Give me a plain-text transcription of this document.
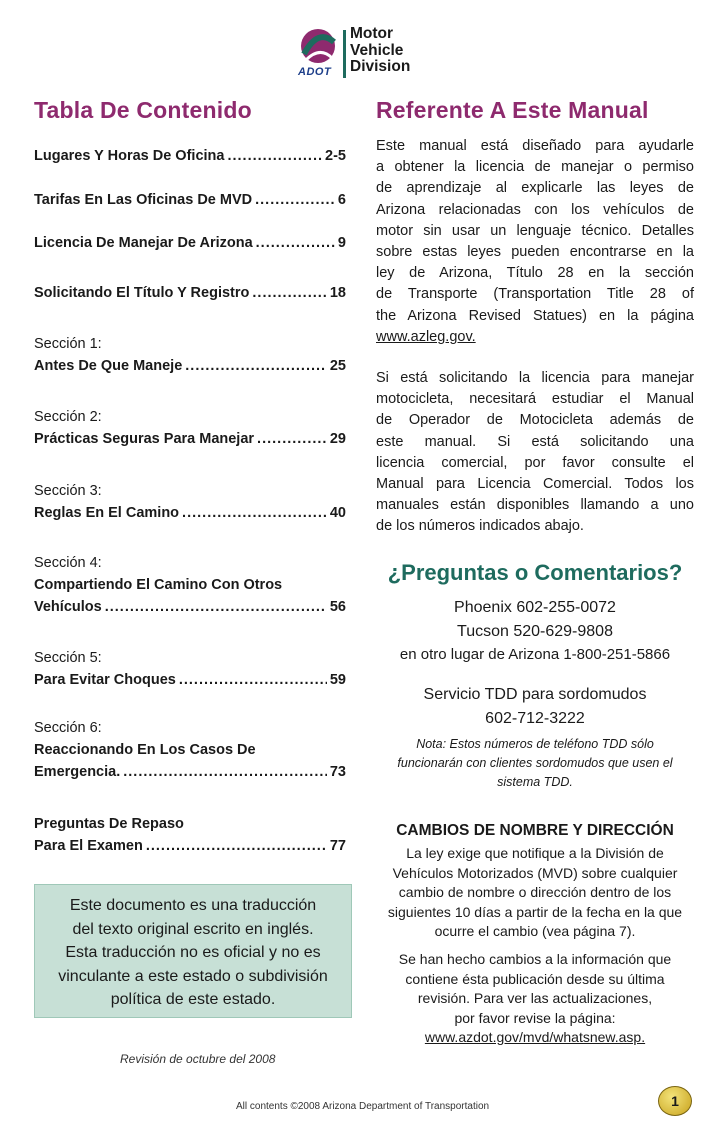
ADOT
Motor
Vehicle
Division
Tabla De Contenido
Lugares Y Horas De Oficina .....	2-5
Tarifas En Las Oficinas De MVD .....	6
Licencia De Manejar De Arizona .....	9
Solicitando El Título Y Registro .....	18
Sección 1:
Antes De Que Maneje .....	25
Sección 2:
Prácticas Seguras Para Manejar .....	29
Sección 3:
Reglas En El Camino .....	40
Sección 4:
Compartiendo El Camino Con Otros
Vehículos .....	56
Sección 5:
Para Evitar Choques .....	59
Sección 6:
Reaccionando En Los Casos De
Emergencia. .....	73
Preguntas De Repaso
Para El Examen .....	77
Este documento es una traducción
del texto original escrito en inglés.
Esta traducción no es oficial y no es
vinculante a este estado o subdivisión
política de este estado.
Revisión de octubre del 2008
Referente A Este Manual
Este manual está diseñado para ayudarle
a obtener la licencia de manejar o permiso
de aprendizaje al explicarle las leyes de
Arizona relacionadas con los vehículos de
motor sin usar un lenguaje técnico. Detalles
sobre estas leyes pueden encontrarse en la
ley de Arizona, Título 28 en la sección
de Transporte (Transportation Title 28 of
the Arizona Revised Statues) en la página
www.azleg.gov.
Si está solicitando la licencia para manejar
motocicleta, necesitará estudiar el Manual
de Operador de Motocicleta además de
este manual. Si está solicitando una
licencia comercial, por favor consulte el
Manual para Licencia Comercial. Todos los
manuales están disponibles llamando a uno
de los números indicados abajo.
¿Preguntas o Comentarios?
Phoenix 602-255-0072
Tucson 520-629-9808
en otro lugar de Arizona 1-800-251-5866
Servicio TDD para sordomudos
602-712-3222
Nota: Estos números de teléfono TDD sólo
funcionarán con clientes sordomudos que usen el
sistema TDD.
CAMBIOS DE NOMBRE Y DIRECCIÓN
La ley exige que notifique a la División de
Vehículos Motorizados (MVD) sobre cualquier
cambio de nombre o dirección dentro de los
siguientes 10 días a partir de la fecha en la que
ocurre el cambio (vea página 7).
Se han hecho cambios a la información que
contiene ésta publicación desde su última
revisión. Para ver las actualizaciones,
por favor revise la página:
www.azdot.gov/mvd/whatsnew.asp.
All contents ©2008 Arizona Department of Transportation	1
